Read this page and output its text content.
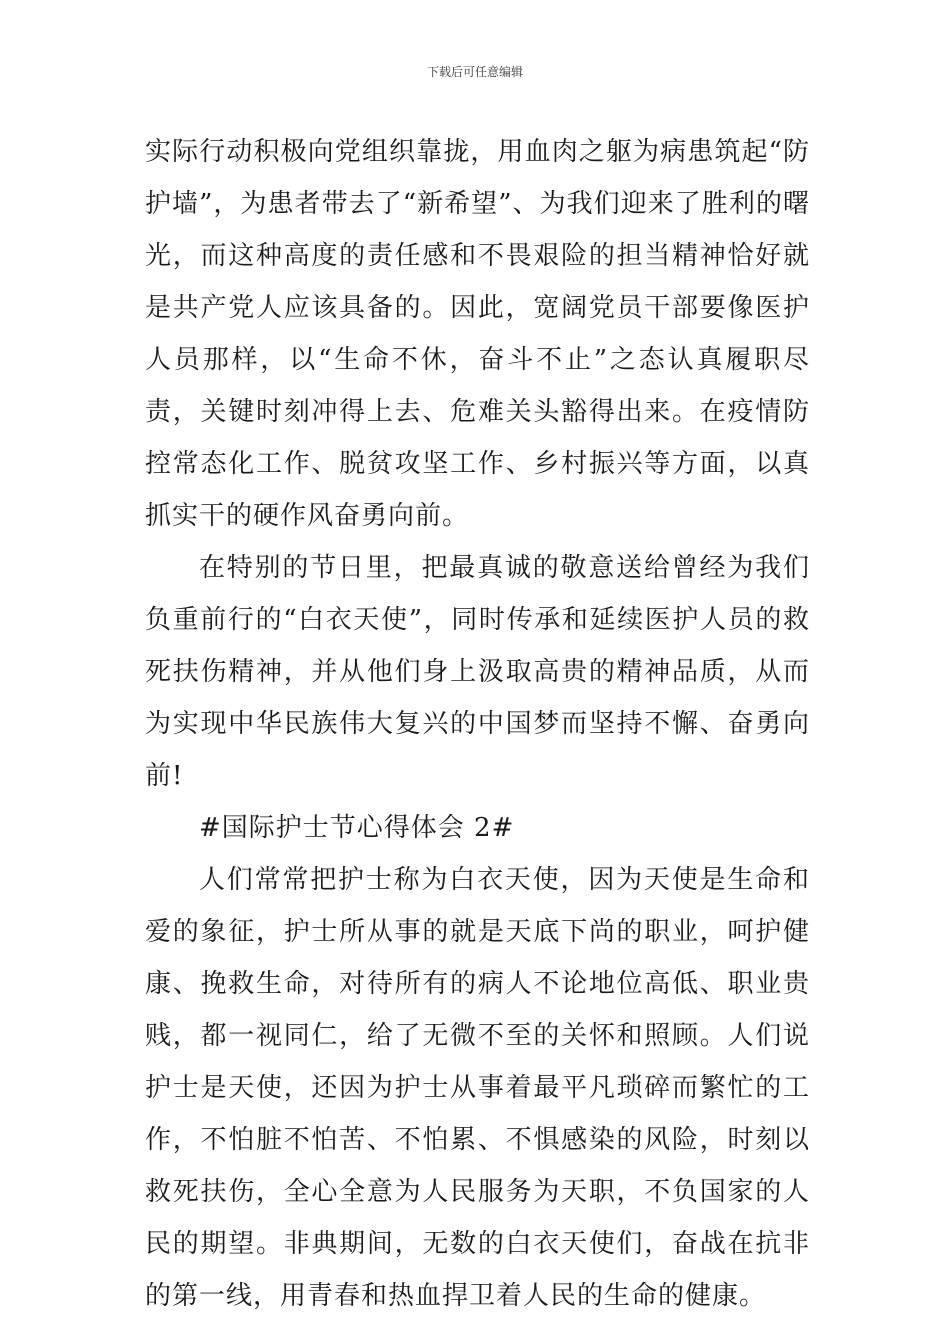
下载后可任意编辑

实际行动积极向党组织靠拢，用血肉之躯为病患筑起“防护墙”，为患者带去了“新希望”、为我们迎来了胜利的曙光，而这种高度的责任感和不畏艰险的担当精神恰好就是共产党人应该具备的。因此，宽阔党员干部要像医护人员那样，以“生命不休，奋斗不止”之态认真履职尽责，关键时刻冲得上去、危难关头豁得出来。在疫情防控常态化工作、脱贫攻坚工作、乡村振兴等方面，以真抓实干的硬作风奋勇向前。

在特别的节日里，把最真诚的敬意送给曾经为我们负重前行的“白衣天使”，同时传承和延续医护人员的救死扶伤精神，并从他们身上汲取高贵的精神品质，从而为实现中华民族伟大复兴的中国梦而坚持不懈、奋勇向前!

#国际护士节心得体会 2#

人们常常把护士称为白衣天使，因为天使是生命和爱的象征，护士所从事的就是天底下尚的职业，呵护健康、挽救生命，对待所有的病人不论地位高低、职业贵贱，都一视同仁，给了无微不至的关怀和照顾。人们说护士是天使，还因为护士从事着最平凡琐碎而繁忙的工作，不怕脏不怕苦、不怕累、不惧感染的风险，时刻以救死扶伤，全心全意为人民服务为天职，不负国家的人民的期望。非典期间，无数的白衣天使们，奋战在抗非的第一线，用青春和热血捍卫着人民的生命的健康。
